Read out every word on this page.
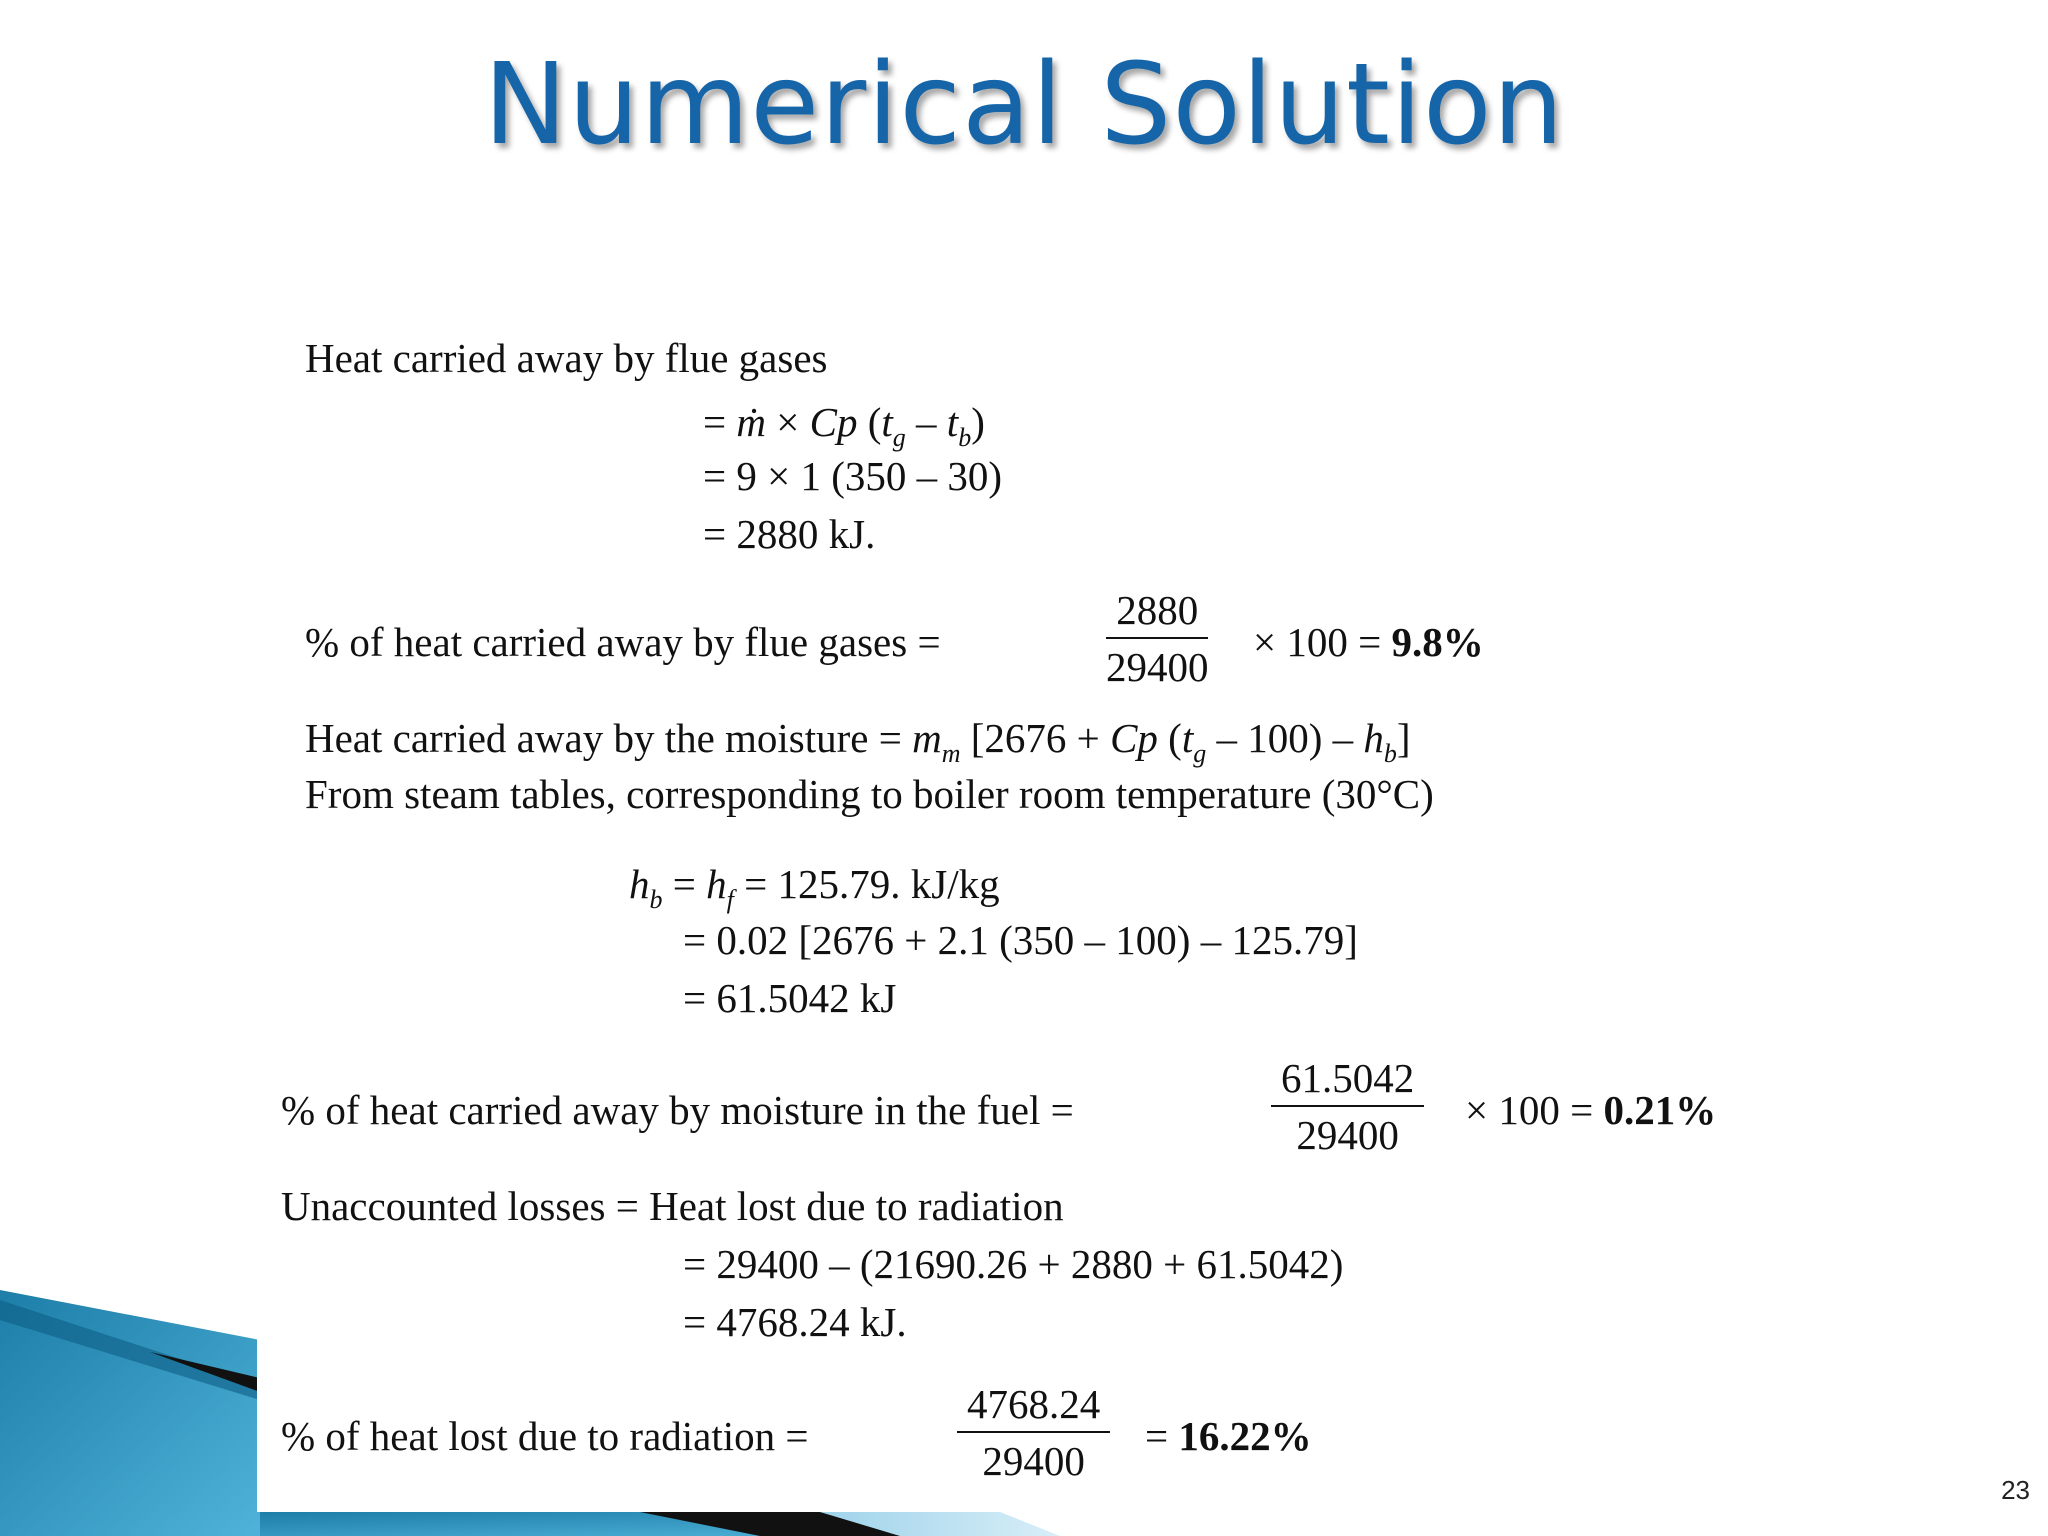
Numerical Solution
Heat carried away by flue gases
= ṁ × Cp $(t_g - t_b)$
= 9 × 1 (350 – 30)
= 2880 kJ.
% of heat carried away by flue gases =	$\frac{2880}{29400} \times 100 = 9.8\%$
Heat carried away by the moisture = $m_m$ [2676 + Cp $(t_g - 100) - h_b$]
From steam tables, corresponding to boiler room temperature (30°C)
$h_b = h_f = 125.79$. kJ/kg
= 0.02 [2676 + 2.1 (350 – 100) – 125.79]
= 61.5042 kJ
% of heat carried away by moisture in the fuel =	$\frac{61.5042}{29400} \times 100 = 0.21\%$
Unaccounted losses = Heat lost due to radiation
= 29400 – (21690.26 + 2880 + 61.5042)
= 4768.24 kJ.
% of heat lost due to radiation =	$\frac{4768.24}{29400} = 16.22\%$
23
